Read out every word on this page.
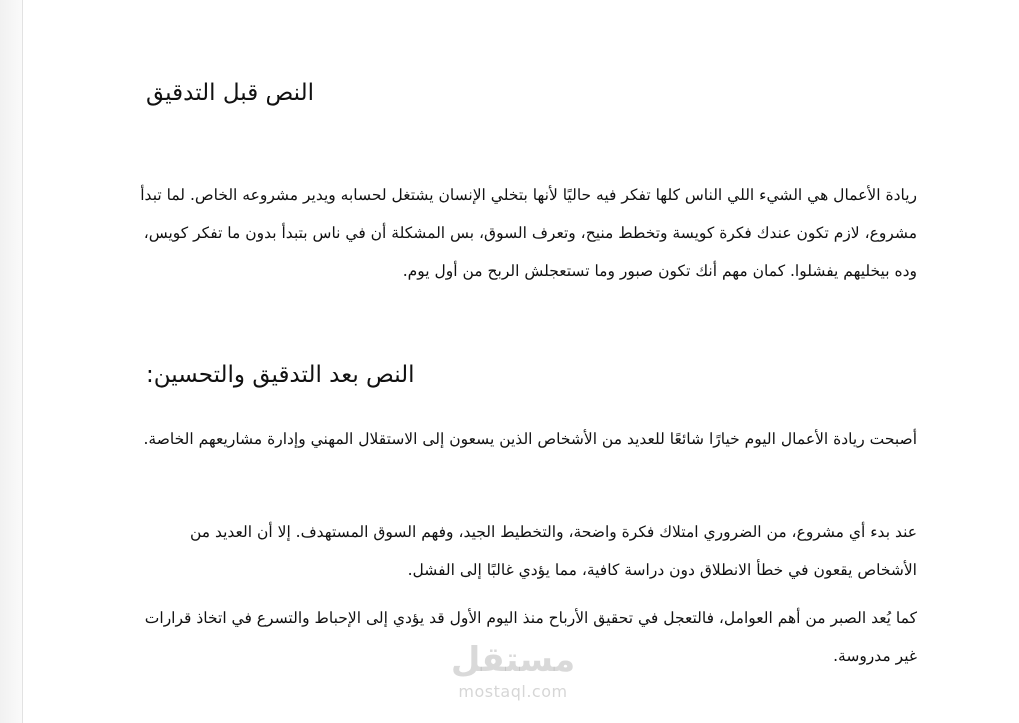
النص قبل التدقيق

ريادة الأعمال هي الشيء اللي الناس كلها تفكر فيه حاليًا لأنها بتخلي الإنسان يشتغل لحسابه ويدير مشروعه الخاص. لما تبدأ مشروع، لازم تكون عندك فكرة كويسة وتخطط منيح، وتعرف السوق، بس المشكلة أن في ناس بتبدأ بدون ما تفكر كويس، وده بيخليهم يفشلوا. كمان مهم أنك تكون صبور وما تستعجلش الربح من أول يوم.

:النص بعد التدقيق والتحسين

أصبحت ريادة الأعمال اليوم خيارًا شائعًا للعديد من الأشخاص الذين يسعون إلى الاستقلال المهني وإدارة مشاريعهم الخاصة.

عند بدء أي مشروع، من الضروري امتلاك فكرة واضحة، والتخطيط الجيد، وفهم السوق المستهدف. إلا أن العديد من الأشخاص يقعون في خطأ الانطلاق دون دراسة كافية، مما يؤدي غالبًا إلى الفشل.

كما يُعد الصبر من أهم العوامل، فالتعجل في تحقيق الأرباح منذ اليوم الأول قد يؤدي إلى الإحباط والتسرع في اتخاذ قرارات غير مدروسة.

مستقل
mostaql.com
